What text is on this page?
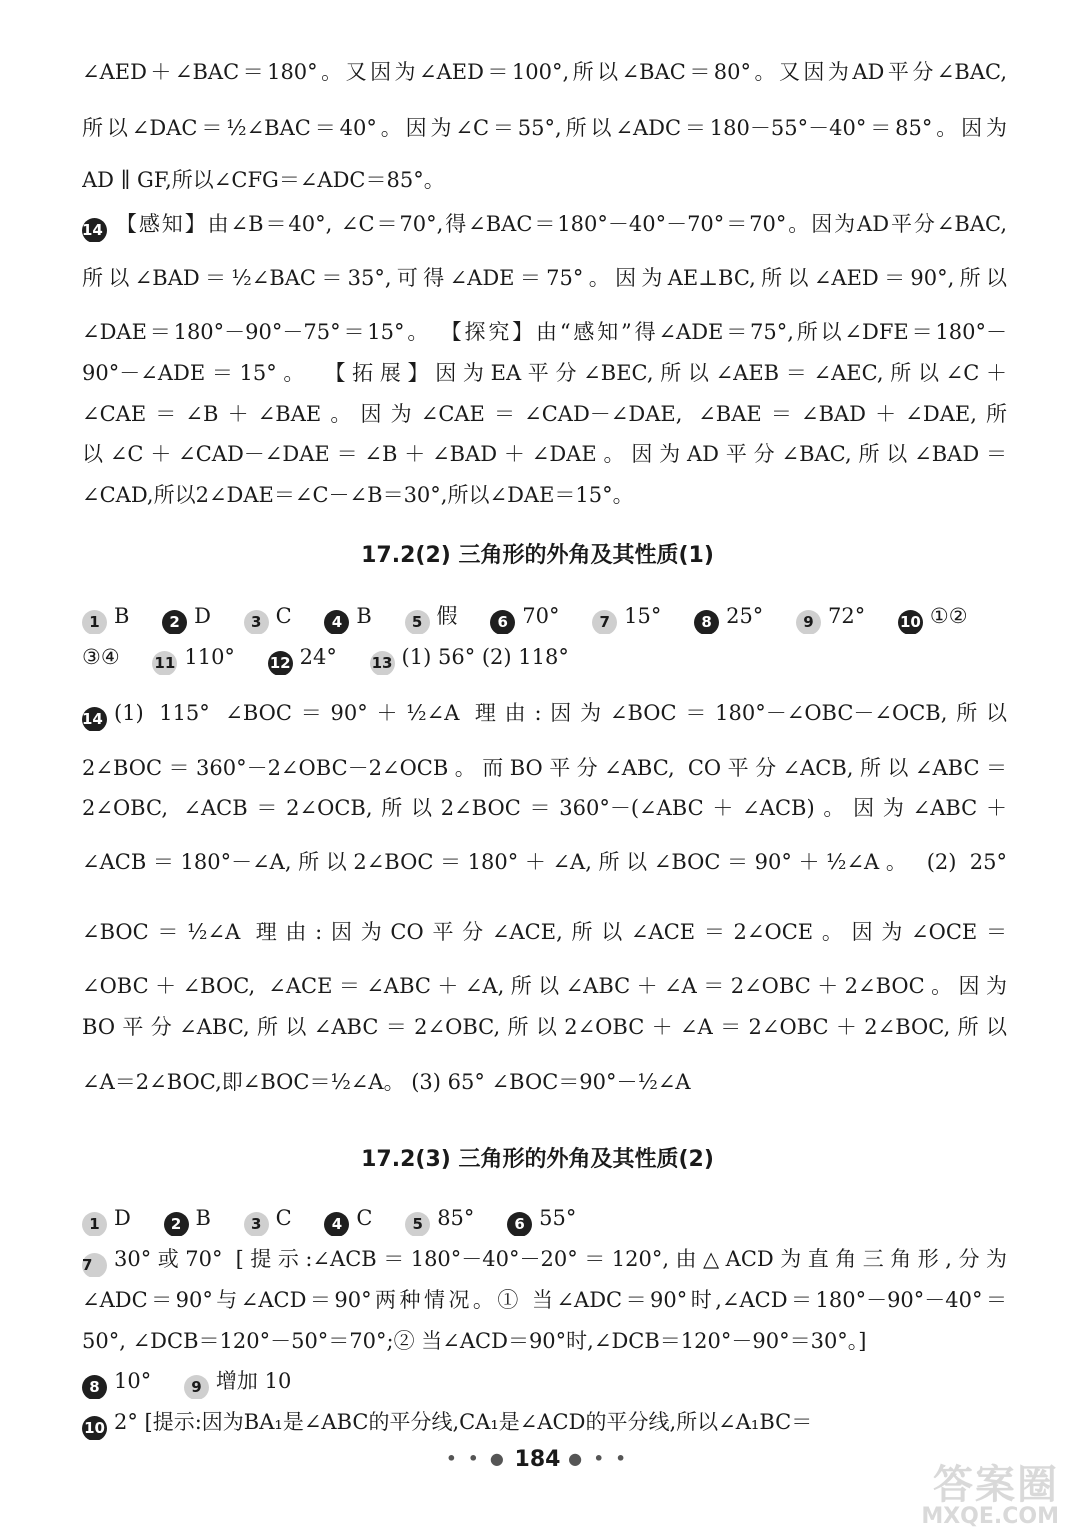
∠AED＋∠BAC＝180°。又因为∠AED＝100°,所以∠BAC＝80°。又因为AD平分∠BAC,
所以∠DAC＝½∠BAC＝40°。因为∠C＝55°,所以∠ADC＝180－55°－40°＝85°。因为
AD ∥ GF,所以∠CFG＝∠ADC＝85°。
14 【感知】由∠B＝40°, ∠C＝70°,得∠BAC＝180°－40°－70°＝70°。因为AD平分∠BAC,
所以∠BAD＝½∠BAC＝35°,可得∠ADE＝75°。因为AE⊥BC,所以∠AED＝90°,所以
∠DAE＝180°－90°－75°＝15°。 【探究】由“感知”得∠ADE＝75°,所以∠DFE＝180°－
90°－∠ADE＝15°。 【拓展】因为EA平分∠BEC,所以∠AEB＝∠AEC,所以∠C＋
∠CAE＝∠B＋∠BAE。因为∠CAE＝∠CAD－∠DAE, ∠BAE＝∠BAD＋∠DAE,所
以∠C＋∠CAD－∠DAE＝∠B＋∠BAD＋∠DAE。因为AD平分∠BAC,所以∠BAD＝
∠CAD,所以2∠DAE＝∠C－∠B＝30°,所以∠DAE＝15°。
17.2(2) 三角形的外角及其性质(1)
1 B	2 D	3 C	4 B	5 假	6 70°	7 15°	8 25°	9 72° 10 ①②
③④ 11 110° 12 24° 13 (1) 56° (2) 118°
14 (1) 115° ∠BOC＝90°＋½∠A 理由:因为∠BOC＝180°－∠OBC－∠OCB,所以
2∠BOC＝360°－2∠OBC－2∠OCB。而BO平分∠ABC, CO平分∠ACB,所以∠ABC＝
2∠OBC, ∠ACB＝2∠OCB,所以2∠BOC＝360°－(∠ABC＋∠ACB)。因为∠ABC＋
∠ACB＝180°－∠A,所以2∠BOC＝180°＋∠A,所以∠BOC＝90°＋½∠A。 (2) 25°
∠BOC＝½∠A 理由:因为CO平分∠ACE,所以∠ACE＝2∠OCE。因为∠OCE＝
∠OBC＋∠BOC, ∠ACE＝∠ABC＋∠A,所以∠ABC＋∠A＝2∠OBC＋2∠BOC。因为
BO平分∠ABC,所以∠ABC＝2∠OBC,所以2∠OBC＋∠A＝2∠OBC＋2∠BOC,所以
∠A＝2∠BOC,即∠BOC＝½∠A。 (3) 65° ∠BOC＝90°－½∠A
17.2(3) 三角形的外角及其性质(2)
1 D	2 B	3 C	4 C	5 85°	6 55°
7 30°或70° [提示:∠ACB＝180°－40°－20°＝120°,由△ACD为直角三角形,分为
∠ADC＝90°与∠ACD＝90°两种情况。① 当∠ADC＝90°时,∠ACD＝180°－90°－40°＝
50°, ∠DCB＝120°－50°＝70°;② 当∠ACD＝90°时,∠DCB＝120°－90°＝30°。]
8 10°	9 增加 10
10 2° [提示:因为BA₁是∠ABC的平分线,CA₁是∠ACD的平分线,所以∠A₁BC＝
• • ● 184 ● • •
答案圈
MXQE.COM
